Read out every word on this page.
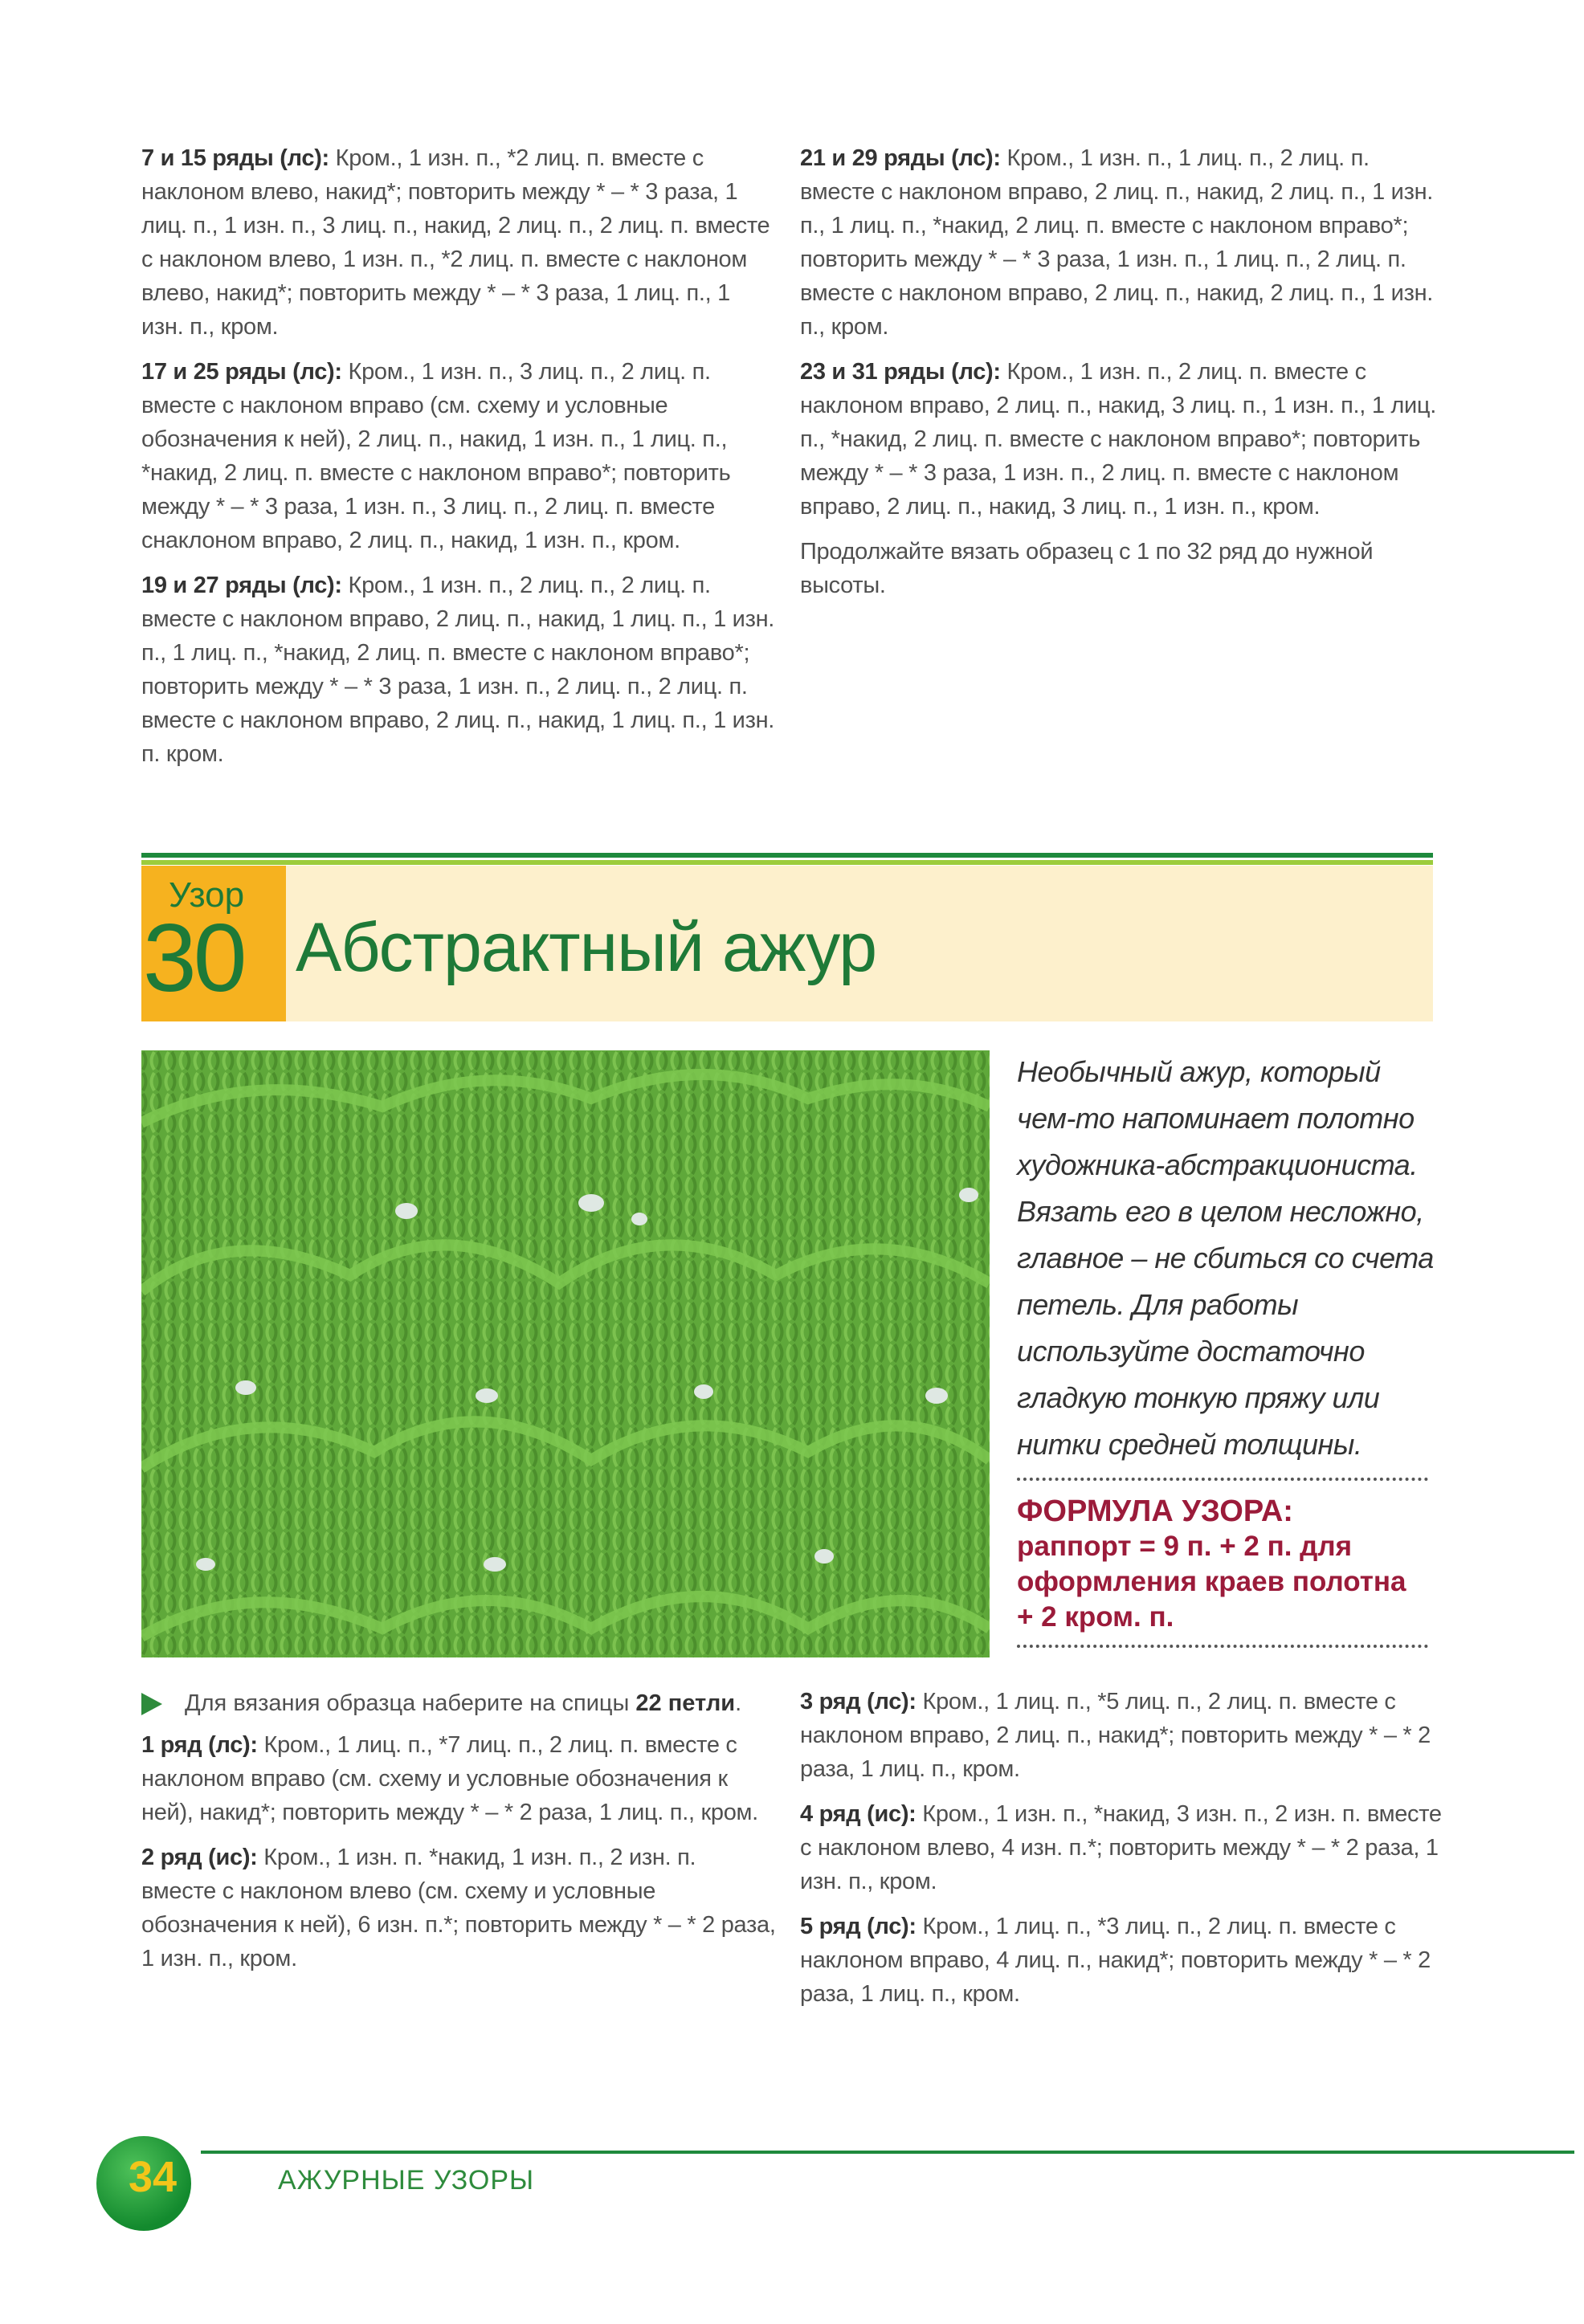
7 и 15 ряды (лс): Кром., 1 изн. п., *2 лиц. п. вместе с наклоном влево, накид*; повторить между * – * 3 раза, 1 лиц. п., 1 изн. п., 3 лиц. п., накид, 2 лиц. п., 2 лиц. п. вместе с наклоном влево, 1 изн. п., *2 лиц. п. вместе с наклоном влево, накид*; повторить между * – * 3 раза, 1 лиц. п., 1 изн. п., кром.

17 и 25 ряды (лс): Кром., 1 изн. п., 3 лиц. п., 2 лиц. п. вместе с наклоном вправо (см. схему и условные обозначения к ней), 2 лиц. п., накид, 1 изн. п., 1 лиц. п., *накид, 2 лиц. п. вместе с наклоном вправо*; повторить между * – * 3 раза, 1 изн. п., 3 лиц. п., 2 лиц. п. вместе снаклоном вправо, 2 лиц. п., накид, 1 изн. п., кром.

19 и 27 ряды (лс): Кром., 1 изн. п., 2 лиц. п., 2 лиц. п. вместе с наклоном вправо, 2 лиц. п., накид, 1 лиц. п., 1 изн. п., 1 лиц. п., *накид, 2 лиц. п. вместе с наклоном вправо*; повторить между * – * 3 раза, 1 изн. п., 2 лиц. п., 2 лиц. п. вместе с наклоном вправо, 2 лиц. п., накид, 1 лиц. п., 1 изн. п. кром.

21 и 29 ряды (лс): Кром., 1 изн. п., 1 лиц. п., 2 лиц. п. вместе с наклоном вправо, 2 лиц. п., накид, 2 лиц. п., 1 изн. п., 1 лиц. п., *накид, 2 лиц. п. вместе с наклоном вправо*; повторить между * – * 3 раза, 1 изн. п., 1 лиц. п., 2 лиц. п. вместе с наклоном вправо, 2 лиц. п., накид, 2 лиц. п., 1 изн. п., кром.

23 и 31 ряды (лс): Кром., 1 изн. п., 2 лиц. п. вместе с наклоном вправо, 2 лиц. п., накид, 3 лиц. п., 1 изн. п., 1 лиц. п., *накид, 2 лиц. п. вместе с наклоном вправо*; повторить между * – * 3 раза, 1 изн. п., 2 лиц. п. вместе с наклоном вправо, 2 лиц. п., накид, 3 лиц. п., 1 изн. п., кром.

Продолжайте вязать образец с 1 по 32 ряд до нужной высоты.

Узор
30 Абстрактный ажур
Необычный ажур, который чем-то напоминает полотно художника-абстракциониста. Вязать его в целом несложно, главное – не сбиться со счета петель. Для работы используйте достаточно гладкую тонкую пряжу или нитки средней толщины.
ФОРМУЛА УЗОРА:
раппорт = 9 п. + 2 п. для оформления краев полотна + 2 кром. п.
Для вязания образца наберите на спицы 22 петли.

1 ряд (лс): Кром., 1 лиц. п., *7 лиц. п., 2 лиц. п. вместе с наклоном вправо (см. схему и условные обозначения к ней), накид*; повторить между * – * 2 раза, 1 лиц. п., кром.

2 ряд (ис): Кром., 1 изн. п. *накид, 1 изн. п., 2 изн. п. вместе с наклоном влево (см. схему и условные обозначения к ней), 6 изн. п.*; повторить между * – * 2 раза, 1 изн. п., кром.

3 ряд (лс): Кром., 1 лиц. п., *5 лиц. п., 2 лиц. п. вместе с наклоном вправо, 2 лиц. п., накид*; повторить между * – * 2 раза, 1 лиц. п., кром.

4 ряд (ис): Кром., 1 изн. п., *накид, 3 изн. п., 2 изн. п. вместе с наклоном влево, 4 изн. п.*; повторить между * – * 2 раза, 1 изн. п., кром.

5 ряд (лс): Кром., 1 лиц. п., *3 лиц. п., 2 лиц. п. вместе с наклоном вправо, 4 лиц. п., накид*; повторить между * – * 2 раза, 1 лиц. п., кром.

34	АЖУРНЫЕ УЗОРЫ
